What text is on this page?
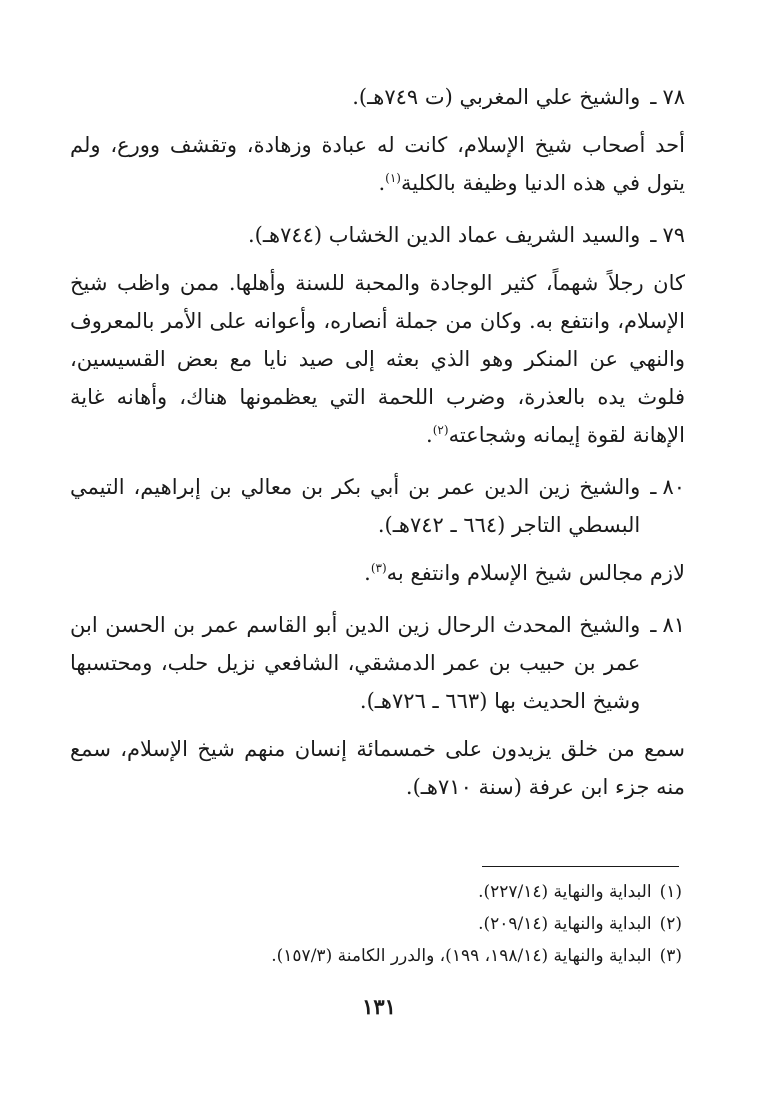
٧٨
ـ
والشيخ علي المغربي (ت ٧٤٩هـ).

أحد أصحاب شيخ الإسلام، كانت له عبادة وزهادة، وتقشف وورع، ولم يتول في هذه الدنيا وظيفة بالكلية$^{(١)}$.

٧٩
ـ
والسيد الشريف عماد الدين الخشاب (٧٤٤هـ).

كان رجلاً شهماً، كثير الوجادة والمحبة للسنة وأهلها. ممن واظب شيخ الإسلام، وانتفع به. وكان من جملة أنصاره، وأعوانه على الأمر بالمعروف والنهي عن المنكر وهو الذي بعثه إلى صيد نايا مع بعض القسيسين، فلوث يده بالعذرة، وضرب اللحمة التي يعظمونها هناك، وأهانه غاية الإهانة لقوة إيمانه وشجاعته$^{(٢)}$.

٨٠
ـ
والشيخ زين الدين عمر بن أبي بكر بن معالي بن إبراهيم، التيمي البسطي التاجر (٦٦٤ ـ ٧٤٢هـ).

لازم مجالس شيخ الإسلام وانتفع به$^{(٣)}$.

٨١
ـ
والشيخ المحدث الرحال زين الدين أبو القاسم عمر بن الحسن ابن عمر بن حبيب بن عمر الدمشقي، الشافعي نزيل حلب، ومحتسبها وشيخ الحديث بها (٦٦٣ ـ ٧٢٦هـ).

سمع من خلق يزيدون على خمسمائة إنسان منهم شيخ الإسلام، سمع منه جزء ابن عرفة (سنة ٧١٠هـ).

(١)
البداية والنهاية (٢٢٧/١٤).
(٢)
البداية والنهاية (٢٠٩/١٤).
(٣)
البداية والنهاية (١٩٨/١٤، ١٩٩)، والدرر الكامنة (١٥٧/٣).
١٣١
